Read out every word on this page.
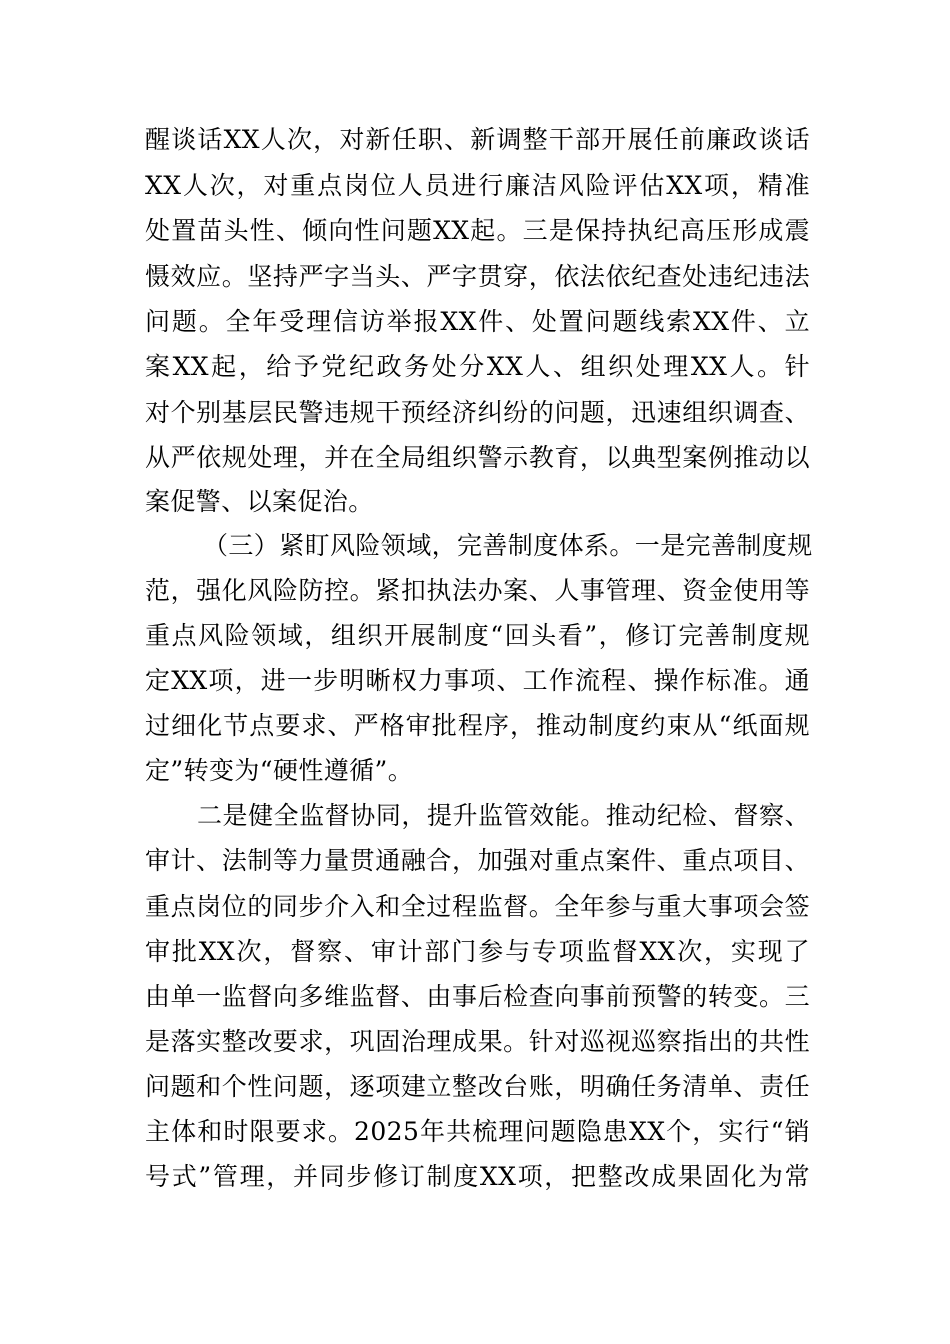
醒谈话XX人次，对新任职、新调整干部开展任前廉政谈话
XX人次，对重点岗位人员进行廉洁风险评估XX项，精准
处置苗头性、倾向性问题XX起。三是保持执纪高压形成震
慑效应。坚持严字当头、严字贯穿，依法依纪查处违纪违法
问题。全年受理信访举报XX件、处置问题线索XX件、立
案XX起，给予党纪政务处分XX人、组织处理XX人。针
对个别基层民警违规干预经济纠纷的问题，迅速组织调查、
从严依规处理，并在全局组织警示教育，以典型案例推动以
案促警、以案促治。
（三）紧盯风险领域，完善制度体系。一是完善制度规
范，强化风险防控。紧扣执法办案、人事管理、资金使用等
重点风险领域，组织开展制度“回头看”，修订完善制度规
定XX项，进一步明晰权力事项、工作流程、操作标准。通
过细化节点要求、严格审批程序，推动制度约束从“纸面规
定”转变为“硬性遵循”。
二是健全监督协同，提升监管效能。推动纪检、督察、
审计、法制等力量贯通融合，加强对重点案件、重点项目、
重点岗位的同步介入和全过程监督。全年参与重大事项会签
审批XX次，督察、审计部门参与专项监督XX次，实现了
由单一监督向多维监督、由事后检查向事前预警的转变。三
是落实整改要求，巩固治理成果。针对巡视巡察指出的共性
问题和个性问题，逐项建立整改台账，明确任务清单、责任
主体和时限要求。2025年共梳理问题隐患XX个，实行“销
号式”管理，并同步修订制度XX项，把整改成果固化为常
